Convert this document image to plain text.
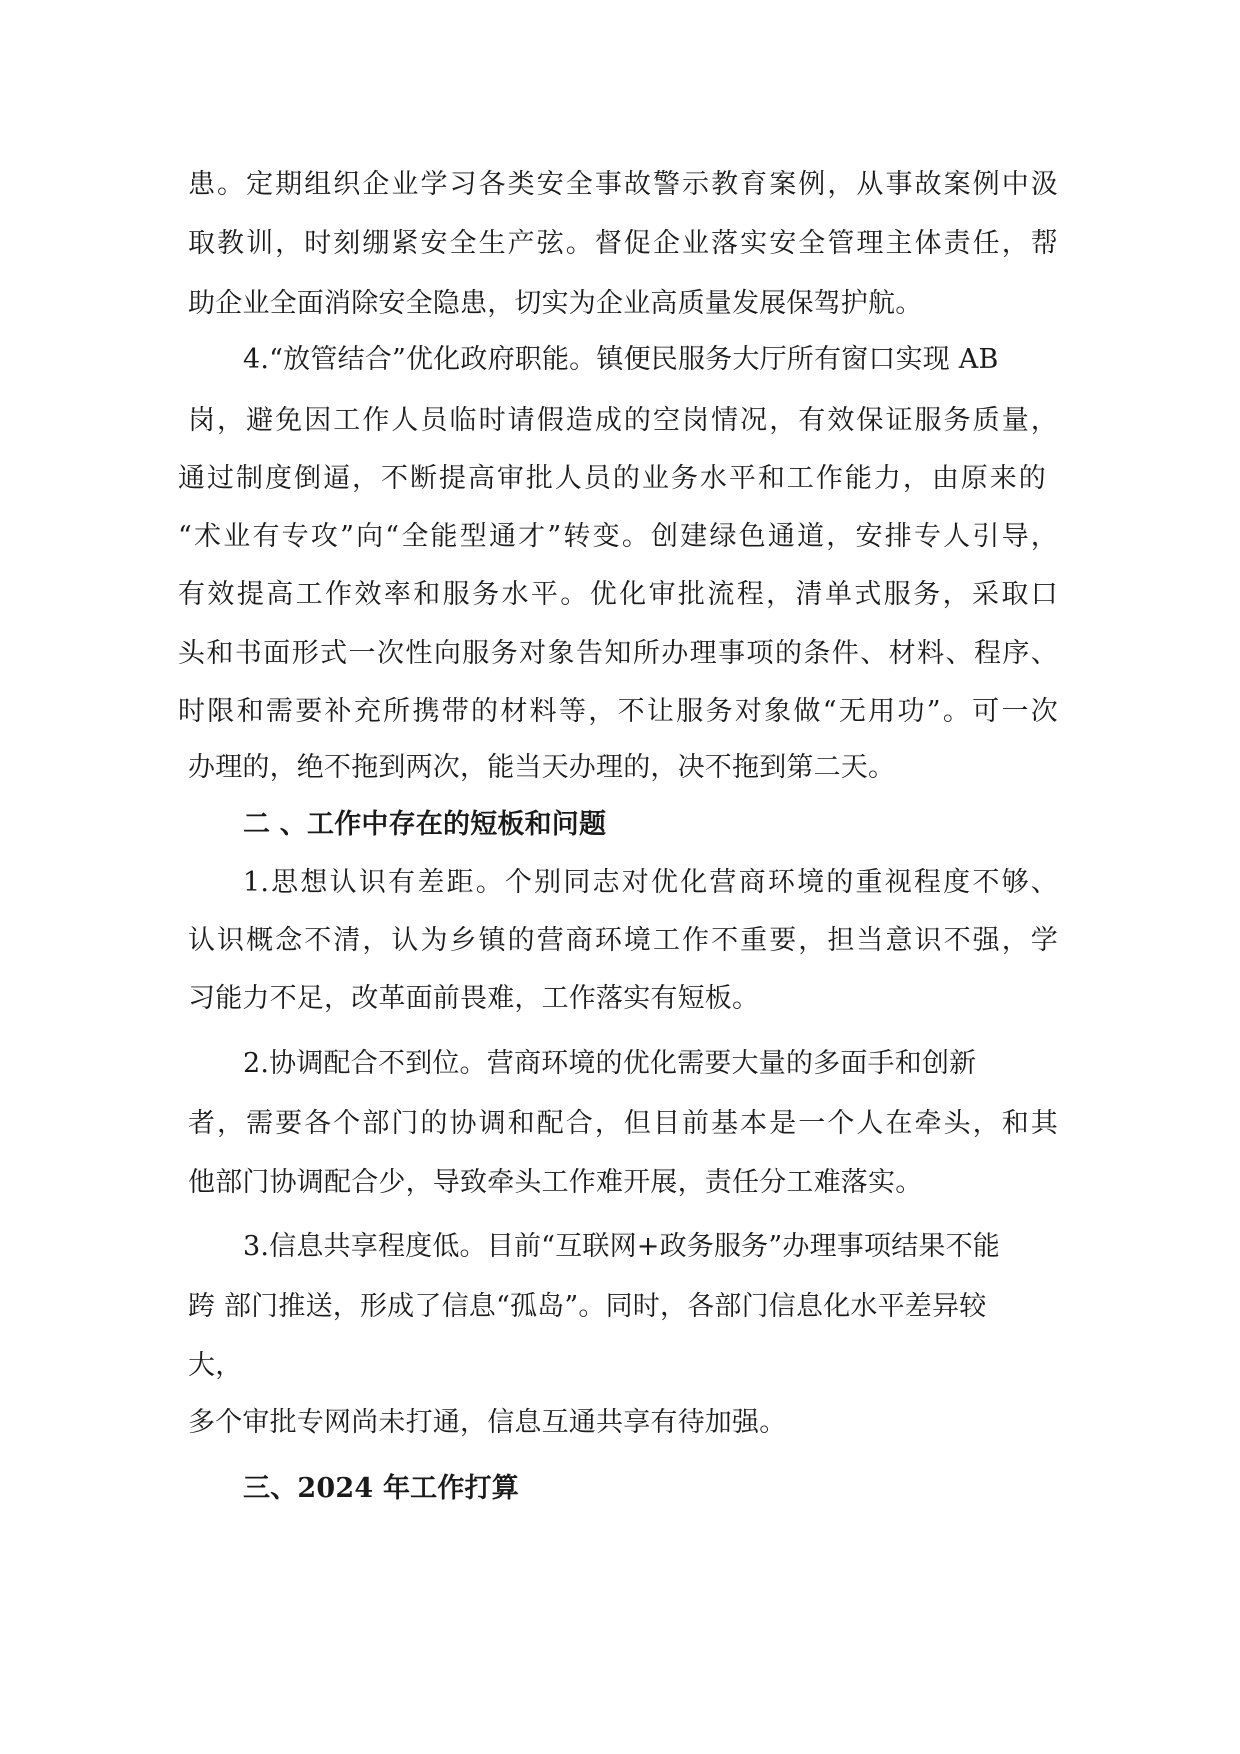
患。定期组织企业学习各类安全事故警示教育案例，从事故案例中汲
取教训，时刻绷紧安全生产弦。督促企业落实安全管理主体责任，帮
助企业全面消除安全隐患，切实为企业高质量发展保驾护航。
4.“放管结合”优化政府职能。镇便民服务大厅所有窗口实现 AB
岗，避免因工作人员临时请假造成的空岗情况，有效保证服务质量，
通过制度倒逼，不断提高审批人员的业务水平和工作能力，由原来的
“术业有专攻”向“全能型通才”转变。创建绿色通道，安排专人引导，
有效提高工作效率和服务水平。优化审批流程，清单式服务，采取口
头和书面形式一次性向服务对象告知所办理事项的条件、材料、程序、
时限和需要补充所携带的材料等，不让服务对象做“无用功”。可一次
办理的，绝不拖到两次，能当天办理的，决不拖到第二天。
二 、工作中存在的短板和问题
1.思想认识有差距。个别同志对优化营商环境的重视程度不够、
认识概念不清，认为乡镇的营商环境工作不重要，担当意识不强，学
习能力不足，改革面前畏难，工作落实有短板。
2.协调配合不到位。营商环境的优化需要大量的多面手和创新
者，需要各个部门的协调和配合，但目前基本是一个人在牵头，和其
他部门协调配合少，导致牵头工作难开展，责任分工难落实。
3.信息共享程度低。目前“互联网+政务服务”办理事项结果不能
跨 部门推送，形成了信息“孤岛”。同时，各部门信息化水平差异较
大，
多个审批专网尚未打通，信息互通共享有待加强。
三、2024 年工作打算
